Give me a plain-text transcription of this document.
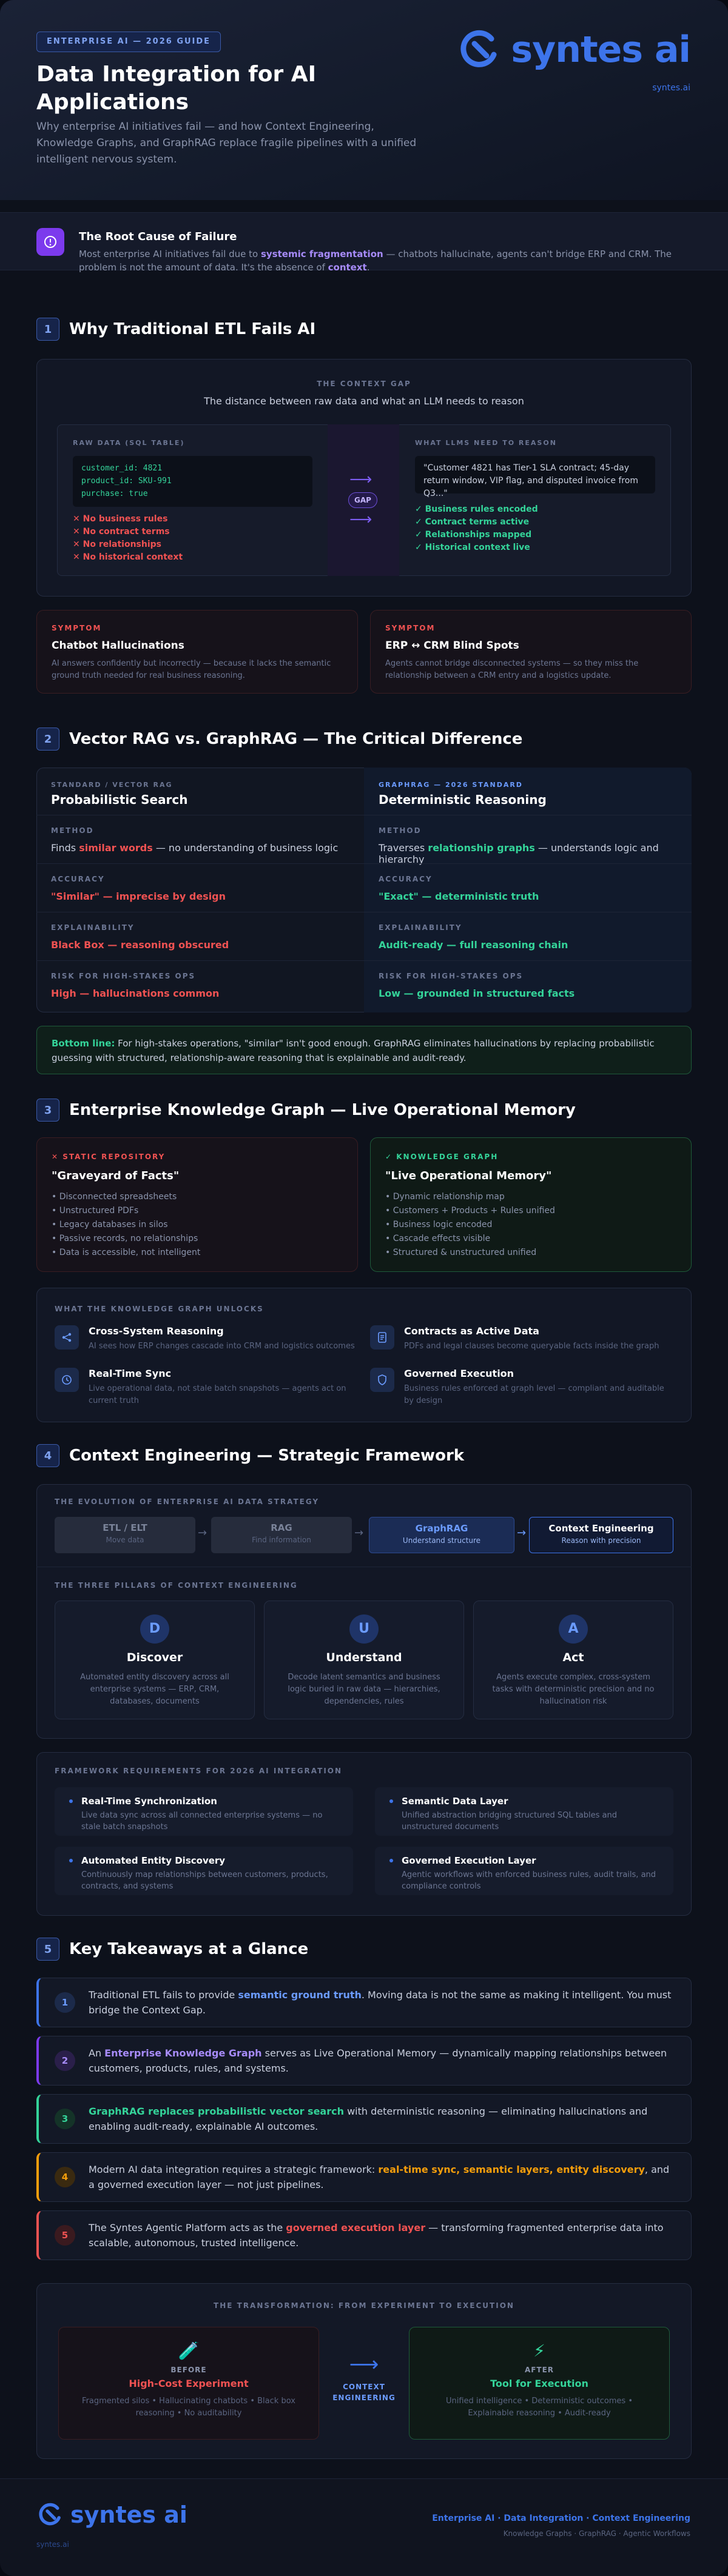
ENTERPRISE AI — 2026 GUIDE
Data Integration for AI Applications
Why enterprise AI initiatives fail — and how Context Engineering, Knowledge Graphs, and GraphRAG replace fragile pipelines with a unified intelligent nervous system.
syntes ai
syntes.ai
The Root Cause of Failure
Most enterprise AI initiatives fail due to systemic fragmentation — chatbots hallucinate, agents can't bridge ERP and CRM. The problem is not the amount of data. It's the absence of context.
1	Why Traditional ETL Fails AI
THE CONTEXT GAP
The distance between raw data and what an LLM needs to reason
RAW DATA (SQL TABLE)
customer_id: 4821
product_id: SKU-991
purchase: true
✕ No business rules
✕ No contract terms
✕ No relationships
✕ No historical context
⟶
GAP
⟶
WHAT LLMS NEED TO REASON
"Customer 4821 has Tier-1 SLA contract; 45-day return window, VIP flag, and disputed invoice from Q3..."
✓ Business rules encoded
✓ Contract terms active
✓ Relationships mapped
✓ Historical context live
SYMPTOM
Chatbot Hallucinations
AI answers confidently but incorrectly — because it lacks the semantic ground truth needed for real business reasoning.
SYMPTOM
ERP ↔ CRM Blind Spots
Agents cannot bridge disconnected systems — so they miss the relationship between a CRM entry and a logistics update.
2	Vector RAG vs. GraphRAG — The Critical Difference
STANDARD / VECTOR RAG
Probabilistic Search
GRAPHRAG — 2026 STANDARD
Deterministic Reasoning
METHOD
Finds similar words — no understanding of business logic
METHOD
Traverses relationship graphs — understands logic and hierarchy
ACCURACY
"Similar" — imprecise by design
ACCURACY
"Exact" — deterministic truth
EXPLAINABILITY
Black Box — reasoning obscured
EXPLAINABILITY
Audit-ready — full reasoning chain
RISK FOR HIGH-STAKES OPS
High — hallucinations common
RISK FOR HIGH-STAKES OPS
Low — grounded in structured facts
Bottom line: For high-stakes operations, "similar" isn't good enough. GraphRAG eliminates hallucinations by replacing probabilistic guessing with structured, relationship-aware reasoning that is explainable and audit-ready.
3	Enterprise Knowledge Graph — Live Operational Memory
✕ STATIC REPOSITORY
"Graveyard of Facts"
• Disconnected spreadsheets
• Unstructured PDFs
• Legacy databases in silos
• Passive records, no relationships
• Data is accessible, not intelligent
✓ KNOWLEDGE GRAPH
"Live Operational Memory"
• Dynamic relationship map
• Customers + Products + Rules unified
• Business logic encoded
• Cascade effects visible
• Structured & unstructured unified
WHAT THE KNOWLEDGE GRAPH UNLOCKS
Cross-System Reasoning
AI sees how ERP changes cascade into CRM and logistics outcomes
Contracts as Active Data
PDFs and legal clauses become queryable facts inside the graph
Real-Time Sync
Live operational data, not stale batch snapshots — agents act on current truth
Governed Execution
Business rules enforced at graph level — compliant and auditable by design
4	Context Engineering — Strategic Framework
THE EVOLUTION OF ENTERPRISE AI DATA STRATEGY
ETL / ELT
Move data
→	RAG
Find information
→	GraphRAG
Understand structure
→	Context Engineering
Reason with precision
THE THREE PILLARS OF CONTEXT ENGINEERING
D
Discover
Automated entity discovery across all enterprise systems — ERP, CRM, databases, documents
U
Understand
Decode latent semantics and business logic buried in raw data — hierarchies, dependencies, rules
A
Act
Agents execute complex, cross-system tasks with deterministic precision and no hallucination risk
FRAMEWORK REQUIREMENTS FOR 2026 AI INTEGRATION
Real-Time Synchronization
Live data sync across all connected enterprise systems — no stale batch snapshots
Semantic Data Layer
Unified abstraction bridging structured SQL tables and unstructured documents
Automated Entity Discovery
Continuously map relationships between customers, products, contracts, and systems
Governed Execution Layer
Agentic workflows with enforced business rules, audit trails, and compliance controls
5	Key Takeaways at a Glance
1
Traditional ETL fails to provide semantic ground truth. Moving data is not the same as making it intelligent. You must bridge the Context Gap.
2
An Enterprise Knowledge Graph serves as Live Operational Memory — dynamically mapping relationships between customers, products, rules, and systems.
3
GraphRAG replaces probabilistic vector search with deterministic reasoning — eliminating hallucinations and enabling audit-ready, explainable AI outcomes.
4
Modern AI data integration requires a strategic framework: real-time sync, semantic layers, entity discovery, and a governed execution layer — not just pipelines.
5
The Syntes Agentic Platform acts as the governed execution layer — transforming fragmented enterprise data into scalable, autonomous, trusted intelligence.
THE TRANSFORMATION: FROM EXPERIMENT TO EXECUTION
🧪
BEFORE
High-Cost Experiment
Fragmented silos • Hallucinating chatbots • Black box reasoning • No auditability
⟶
CONTEXT ENGINEERING
⚡
AFTER
Tool for Execution
Unified intelligence • Deterministic outcomes • Explainable reasoning • Audit-ready
syntes ai
syntes.ai
Enterprise AI · Data Integration · Context Engineering
Knowledge Graphs · GraphRAG · Agentic Workflows
